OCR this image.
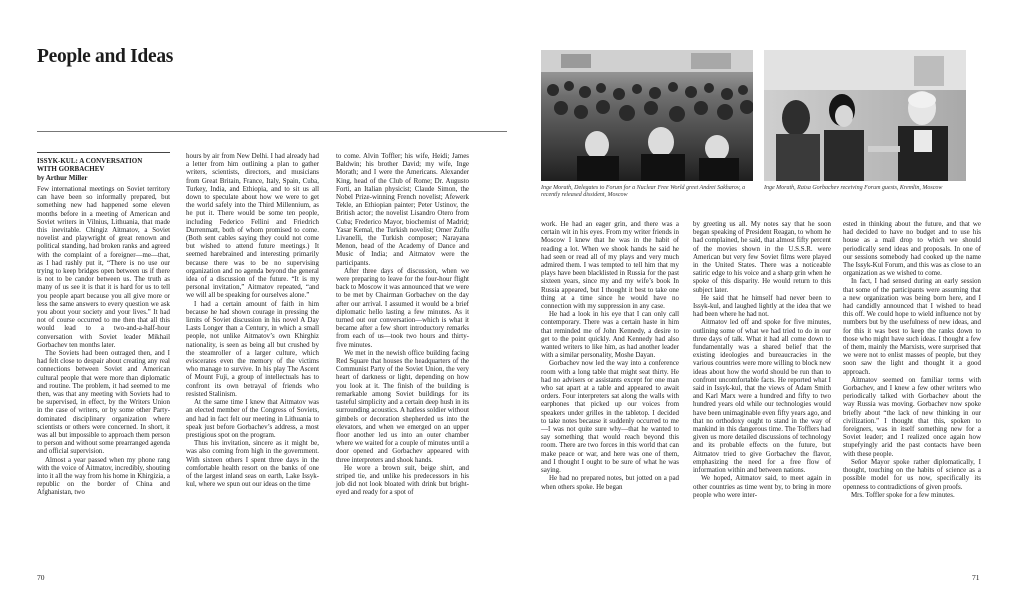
People and Ideas
ISSYK-KUL: A CONVERSATION
WITH GORBACHEV
by Arthur Miller

Few international meetings on Soviet territory can have been so informally prepared, but something new had happened some eleven months before in a meeting of American and Soviet writers in Vilnius, Lithuania, that made this inevitable. Chingiz Aitmatov, a Soviet novelist and playwright of great renown and political standing, had broken ranks and agreed with the complaint of a foreigner—me—that, as I had rashly put it, “There is no use our trying to keep bridges open between us if there is not to be candor between us. The truth as many of us see it is that it is hard for us to tell you people apart because you all give more or less the same answers to every question we ask you about your society and your lives.” It had not of course occurred to me then that all this would lead to a two-and-a-half-hour conversation with Soviet leader Mikhail Gorbachev ten months later.

The Soviets had been outraged then, and I had felt close to despair about creating any real connections between Soviet and American cultural people that were more than diplomatic and routine. The problem, it had seemed to me then, was that any meeting with Soviets had to be supervised, in effect, by the Writers Union in the case of writers, or by some other Party-dominated disciplinary organization where scientists or others were concerned. In short, it was all but impossible to approach them person to person and without some prearranged agenda and official supervision.

Almost a year passed when my phone rang with the voice of Aitmatov, incredibly, shouting into it all the way from his home in Khirgizia, a republic on the border of China and Afghanistan, two

hours by air from New Delhi. I had already had a letter from him outlining a plan to gather writers, scientists, directors, and musicians from Great Britain, France, Italy, Spain, Cuba, Turkey, India, and Ethiopia, and to sit us all down to speculate about how we were to get the world safely into the Third Millennium, as he put it. There would be some ten people, including Federico Fellini and Friedrich Durrenmatt, both of whom promised to come. (Both sent cables saying they could not come but wished to attend future meetings.) It seemed harebrained and interesting primarily because there was to be no supervising organization and no agenda beyond the general idea of a discussion of the future. “It is my personal invitation,” Aitmatov repeated, “and we will all be speaking for ourselves alone.”

I had a certain amount of faith in him because he had shown courage in pressing the limits of Soviet discussion in his novel A Day Lasts Longer than a Century, in which a small people, not unlike Aitmatov’s own Khirghiz nationality, is seen as being all but crushed by the steamroller of a larger culture, which eviscerates even the memory of the victims who manage to survive. In his play The Ascent of Mount Fuji, a group of intellectuals has to confront its own betrayal of friends who resisted Stalinism.

At the same time I knew that Aitmatov was an elected member of the Congress of Soviets, and had in fact felt our meeting in Lithuania to speak just before Gorbachev’s address, a most prestigious spot on the program.

Thus his invitation, sincere as it might be, was also coming from high in the government. With sixteen others I spent three days in the comfortable health resort on the banks of one of the largest inland seas on earth, Lake Issyk-kul, where we spun out our ideas on the time

to come. Alvin Toffler; his wife, Heidi; James Baldwin; his brother David; my wife, Inge Morath; and I were the Americans. Alexander King, head of the Club of Rome; Dr. Augusto Forti, an Italian physicist; Claude Simon, the Nobel Prize-winning French novelist; Afewerk Tekle, an Ethiopian painter; Peter Ustinov, the British actor; the novelist Lisandro Otero from Cuba; Frederico Mayor, biochemist of Madrid; Yasar Kemal, the Turkish novelist; Omer Zulfu Livanelli, the Turkish composer; Narayana Menon, head of the Academy of Dance and Music of India; and Aitmatov were the participants.

After three days of discussion, when we were preparing to leave for the four-hour flight back to Moscow it was announced that we were to be met by Chairman Gorbachev on the day after our arrival. I assumed it would be a brief diplomatic hello lasting a few minutes. As it turned out our conversation—which is what it became after a few short introductory remarks from each of us—took two hours and thirty-five minutes.

We met in the newish office building facing Red Square that houses the headquarters of the Communist Party of the Soviet Union, the very heart of darkness or light, depending on how you look at it. The finish of the building is remarkable among Soviet buildings for its tasteful simplicity and a certain deep hush in its surrounding acoustics. A hatless soldier without gimbels or decoration shepherded us into the elevators, and when we emerged on an upper floor another led us into an outer chamber where we waited for a couple of minutes until a door opened and Gorbachev appeared with three interpreters and shook hands.

He wore a brown suit, beige shirt, and striped tie, and unlike his predecessors in his job did not look bloated with drink but bright-eyed and ready for a spot of

70
Inge Morath, Delegates to Forum for a Nuclear Free World greet Andrei Sakharov, a recently released dissident, Moscow
Inge Morath, Raisa Gorbachev receiving Forum guests, Kremlin, Moscow

work. He had an eager grin, and there was a certain wit in his eyes. From my writer friends in Moscow I knew that he was in the habit of reading a lot. When we shook hands he said he had seen or read all of my plays and very much admired them. I was tempted to tell him that my plays have been blacklisted in Russia for the past sixteen years, since my and my wife’s book In Russia appeared, but I thought it best to take one thing at a time since he would have no connection with my suppression in any case.

He had a look in his eye that I can only call contemporary. There was a certain haste in him that reminded me of John Kennedy, a desire to get to the point quickly. And Kennedy had also wanted writers to like him, as had another leader with a similar personality, Moshe Dayan.

Gorbachev now led the way into a conference room with a long table that might seat thirty. He had no advisers or assistants except for one man who sat apart at a table and appeared to await orders. Four interpreters sat along the walls with earphones that picked up our voices from speakers under grilles in the tabletop. I decided to take notes because it suddenly occurred to me—I was not quite sure why—that he wanted to say something that would reach beyond this room. There are two forces in this world that can make peace or war, and here was one of them, and I thought I ought to be sure of what he was saying.

He had no prepared notes, but jotted on a pad when others spoke. He began

by greeting us all. My notes say that he soon began speaking of President Reagan, to whom he had complained, he said, that almost fifty percent of the movies shown in the U.S.S.R. were American but very few Soviet films were played in the United States. There was a noticeable satiric edge to his voice and a sharp grin when he spoke of this disparity. He would return to this subject later.

He said that he himself had never been to Issyk-kul, and laughed lightly at the idea that we had been where he had not.

Aitmatov led off and spoke for five minutes, outlining some of what we had tried to do in our three days of talk. What it had all come down to fundamentally was a shared belief that the existing ideologies and bureaucracies in the various countries were more willing to block new ideas about how the world should be run than to confront uncomfortable facts. He reported what I said in Issyk-kul, that the views of Adam Smith and Karl Marx were a hundred and fifty to two hundred years old while our technologies would have been unimaginable even fifty years ago, and that no orthodoxy ought to stand in the way of mankind in this dangerous time. The Tofflers had given us more detailed discussions of technology and its probable effects on the future, but Aitmatov tried to give Gorbachev the flavor, emphasizing the need for a free flow of information within and between nations.

We hoped, Aitmatov said, to meet again in other countries as time went by, to bring in more people who were inter-

ested in thinking about the future, and that we had decided to have no budget and to use his house as a mail drop to which we should periodically send ideas and proposals. In one of our sessions somebody had cooked up the name The Issyk-Kul Forum, and this was as close to an organization as we wished to come.

In fact, I had sensed during an early session that some of the participants were assuming that a new organization was being born here, and I had candidly announced that I wished to head this off. We could hope to wield influence not by numbers but by the usefulness of new ideas, and for this it was best to keep the ranks down to those who might have such ideas. I thought a few of them, mainly the Marxists, were surprised that we were not to enlist masses of people, but they soon saw the light and thought it a good approach.

Aitmatov seemed on familiar terms with Gorbachev, and I knew a few other writers who periodically talked with Gorbachev about the way Russia was moving. Gorbachev now spoke briefly about “the lack of new thinking in our civilization.” I thought that this, spoken to foreigners, was in itself something new for a Soviet leader; and I realized once again how stupefyingly arid the past contacts have been with these people.

Señor Mayor spoke rather diplomatically, I thought, touching on the habits of science as a possible model for us now, specifically its openness to contradictions of given proofs.

Mrs. Toffler spoke for a few minutes.

71
